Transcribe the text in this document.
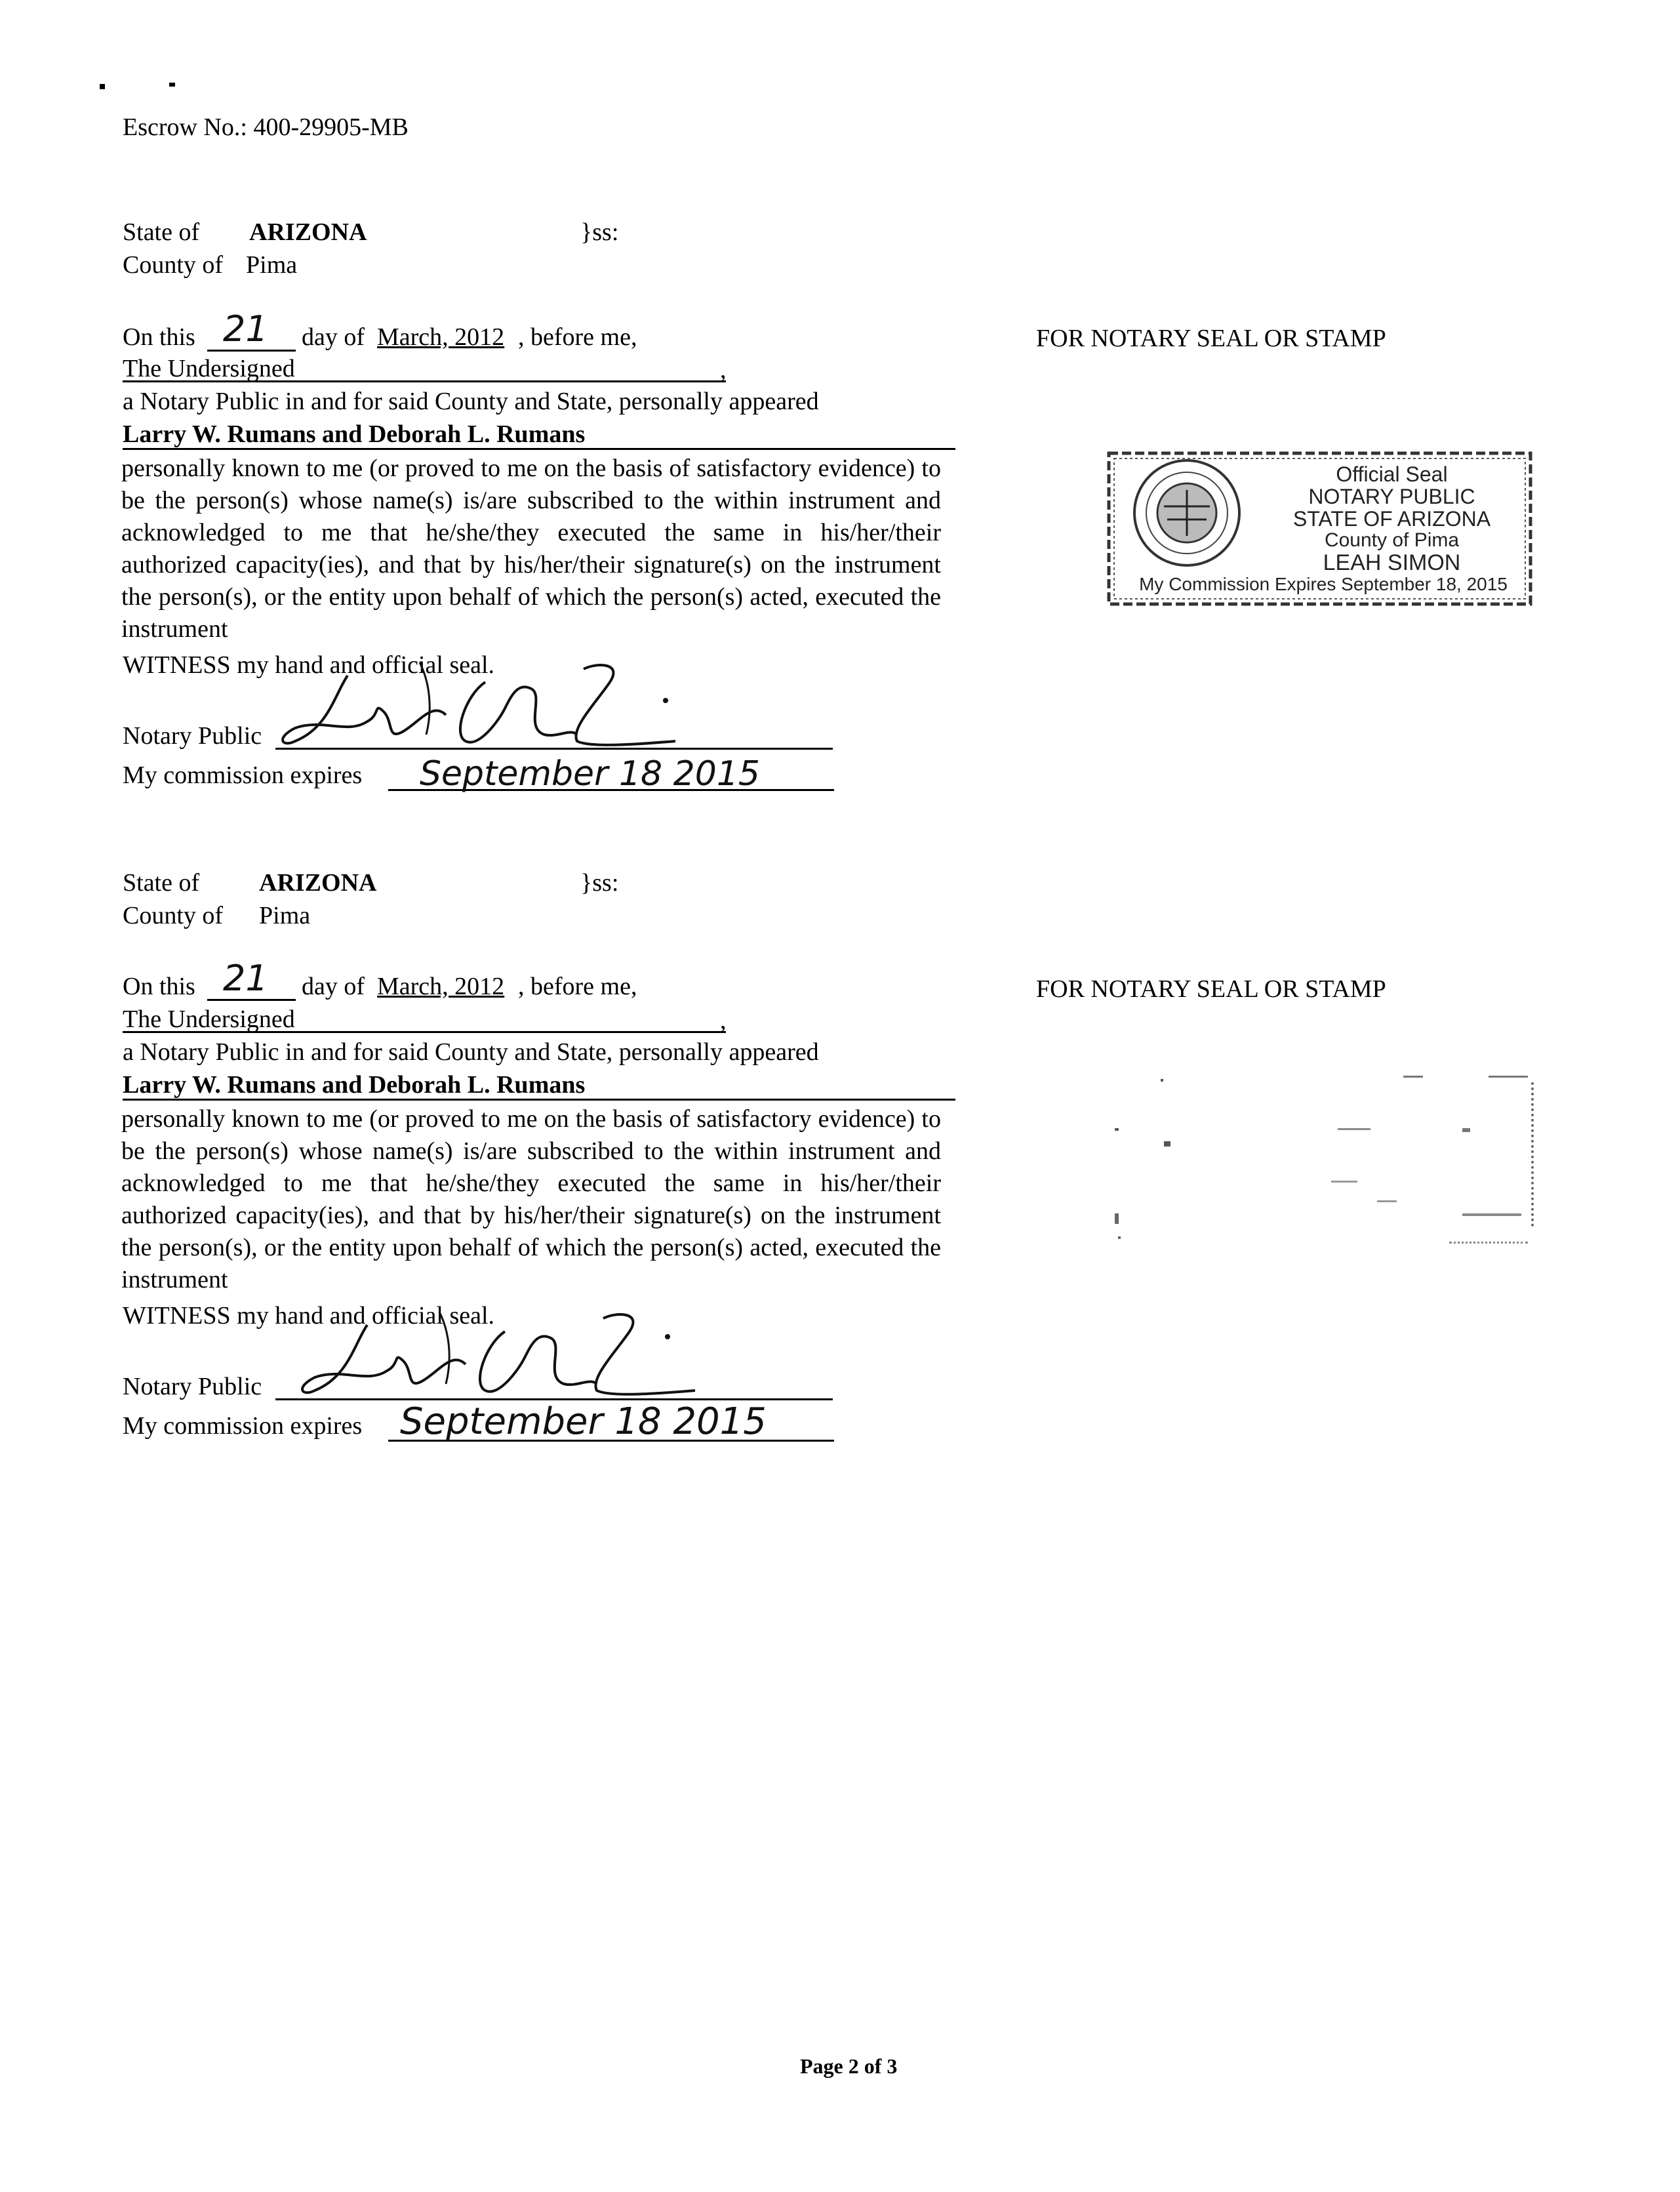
Escrow No.: 400-29905-MB
State of ARIZONA	}ss:
County of Pima
On this 21 day of March, 2012 , before me,
The Undersigned	,
a Notary Public in and for said County and State, personally appeared
Larry W. Rumans and Deborah L. Rumans
personally known to me (or proved to me on the basis of satisfactory evidence) to be the person(s) whose name(s) is/are subscribed to the within instrument and acknowledged to me that he/she/they executed the same in his/her/their authorized capacity(ies), and that by his/her/their signature(s) on the instrument the person(s), or the entity upon behalf of which the person(s) acted, executed the instrument
WITNESS my hand and official seal.
Notary Public
My commission expires September 18 2015
FOR NOTARY SEAL OR STAMP
Official Seal
NOTARY PUBLIC
STATE OF ARIZONA
County of Pima
LEAH SIMON
My Commission Expires September 18, 2015
State of ARIZONA	}ss:
County of Pima
On this 21 day of March, 2012 , before me,
The Undersigned	,
a Notary Public in and for said County and State, personally appeared
Larry W. Rumans and Deborah L. Rumans
personally known to me (or proved to me on the basis of satisfactory evidence) to be the person(s) whose name(s) is/are subscribed to the within instrument and acknowledged to me that he/she/they executed the same in his/her/their authorized capacity(ies), and that by his/her/their signature(s) on the instrument the person(s), or the entity upon behalf of which the person(s) acted, executed the instrument
WITNESS my hand and official seal.
Notary Public
My commission expires September 18 2015
FOR NOTARY SEAL OR STAMP
Page 2 of 3
